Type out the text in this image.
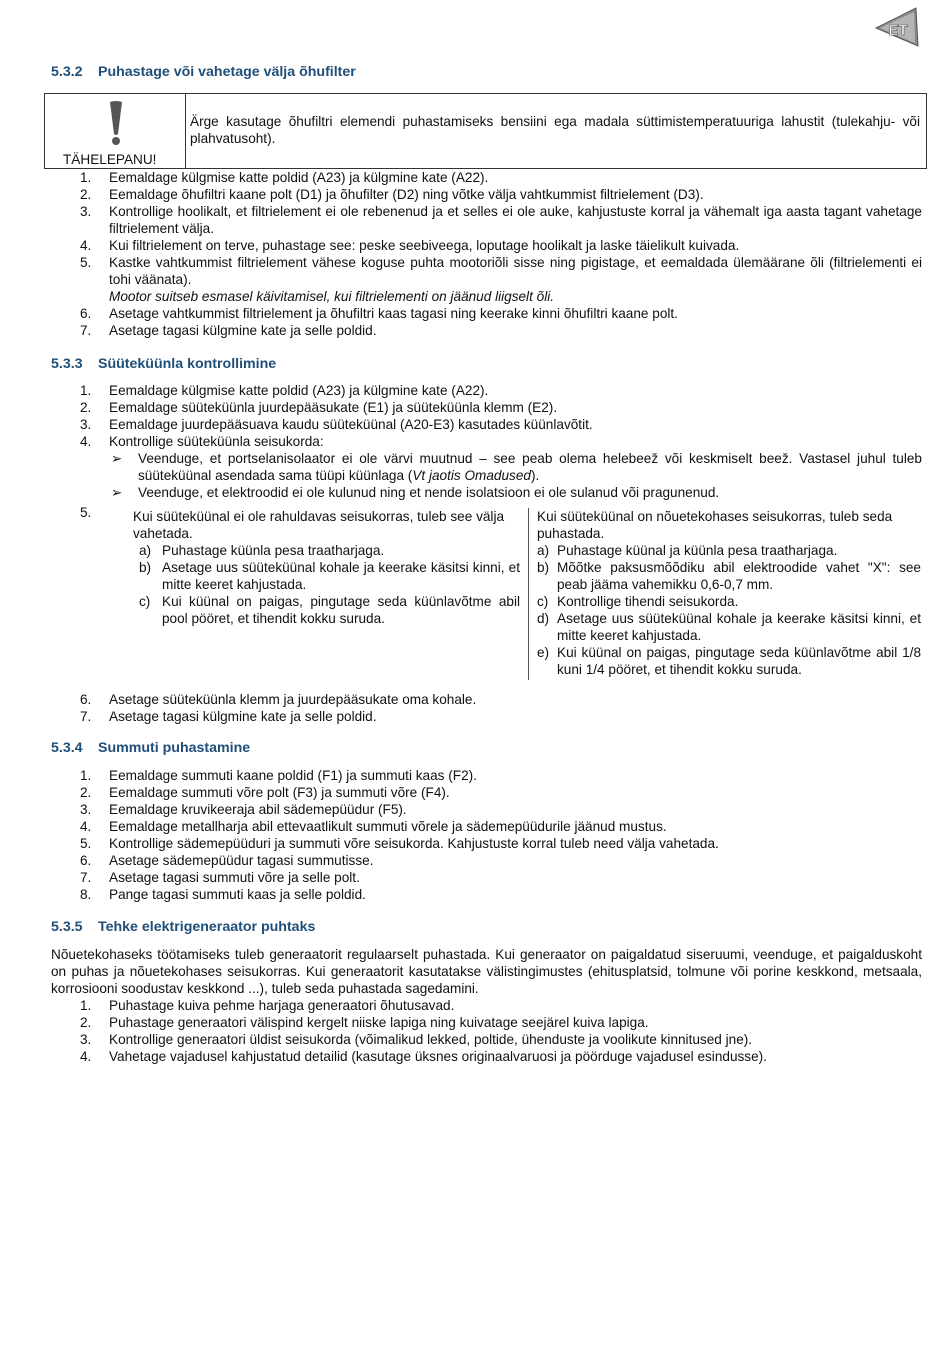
ET
5.3.2 Puhastage või vahetage välja õhufilter
TÄHELEPANU!
Ärge kasutage õhufiltri elemendi puhastamiseks bensiini ega madala süttimistemperatuuriga lahustit (tulekahju- või plahvatusoht).
1. Eemaldage külgmise katte poldid (A23) ja külgmine kate (A22).
2. Eemaldage õhufiltri kaane polt (D1) ja õhufilter (D2) ning võtke välja vahtkummist filtrielement (D3).
3. Kontrollige hoolikalt, et filtrielement ei ole rebenenud ja et selles ei ole auke, kahjustuste korral ja vähemalt iga aasta tagant vahetage filtrielement välja.
4. Kui filtrielement on terve, puhastage see: peske seebiveega, loputage hoolikalt ja laske täielikult kuivada.
5. Kastke vahtkummist filtrielement vähese koguse puhta mootoriõli sisse ning pigistage, et eemaldada ülemäärane õli (filtrielementi ei tohi väänata).
Mootor suitseb esmasel käivitamisel, kui filtrielementi on jäänud liigselt õli.
6. Asetage vahtkummist filtrielement ja õhufiltri kaas tagasi ning keerake kinni õhufiltri kaane polt.
7. Asetage tagasi külgmine kate ja selle poldid.
5.3.3 Süüteküünla kontrollimine
1. Eemaldage külgmise katte poldid (A23) ja külgmine kate (A22).
2. Eemaldage süüteküünla juurdepääsukate (E1) ja süüteküünla klemm (E2).
3. Eemaldage juurdepääsuava kaudu süüteküünal (A20-E3) kasutades küünlavõtit.
4. Kontrollige süüteküünla seisukorda:
➢ Veenduge, et portselanisolaator ei ole värvi muutnud – see peab olema helebeež või keskmiselt beež. Vastasel juhul tuleb süüteküünal asendada sama tüüpi küünlaga (Vt jaotis Omadused).
➢ Veenduge, et elektroodid ei ole kulunud ning et nende isolatsioon ei ole sulanud või pragunenud.
5.	Kui süüteküünal ei ole rahuldavas seisukorras, tuleb see välja vahetada.

a) Puhastage küünla pesa traatharjaga.
b) Asetage uus süüteküünal kohale ja keerake käsitsi kinni, et mitte keeret kahjustada.
c) Kui küünal on paigas, pingutage seda küünlavõtme abil pool pööret, et tihendit kokku suruda.

Kui süüteküünal on nõuetekohases seisukorras, tuleb seda puhastada.

a) Puhastage küünal ja küünla pesa traatharjaga.
b) Mõõtke paksusmõõdiku abil elektroodide vahet "X": see peab jääma vahemikku 0,6-0,7 mm.
c) Kontrollige tihendi seisukorda.
d) Asetage uus süüteküünal kohale ja keerake käsitsi kinni, et mitte keeret kahjustada.
e) Kui küünal on paigas, pingutage seda küünlavõtme abil 1/8 kuni 1/4 pööret, et tihendit kokku suruda.
6. Asetage süüteküünla klemm ja juurdepääsukate oma kohale.
7. Asetage tagasi külgmine kate ja selle poldid.
5.3.4 Summuti puhastamine
1. Eemaldage summuti kaane poldid (F1) ja summuti kaas (F2).
2. Eemaldage summuti võre polt (F3) ja summuti võre (F4).
3. Eemaldage kruvikeeraja abil sädemepüüdur (F5).
4. Eemaldage metallharja abil ettevaatlikult summuti võrele ja sädemepüüdurile jäänud mustus.
5. Kontrollige sädemepüüduri ja summuti võre seisukorda. Kahjustuste korral tuleb need välja vahetada.
6. Asetage sädemepüüdur tagasi summutisse.
7. Asetage tagasi summuti võre ja selle polt.
8. Pange tagasi summuti kaas ja selle poldid.
5.3.5 Tehke elektrigeneraator puhtaks
Nõuetekohaseks töötamiseks tuleb generaatorit regulaarselt puhastada. Kui generaator on paigaldatud siseruumi, veenduge, et paigalduskoht on puhas ja nõuetekohases seisukorras. Kui generaatorit kasutatakse välistingimustes (ehitusplatsid, tolmune või porine keskkond, metsaala, korrosiooni soodustav keskkond ...), tuleb seda puhastada sagedamini.
1. Puhastage kuiva pehme harjaga generaatori õhutusavad.
2. Puhastage generaatori välispind kergelt niiske lapiga ning kuivatage seejärel kuiva lapiga.
3. Kontrollige generaatori üldist seisukorda (võimalikud lekked, poltide, ühenduste ja voolikute kinnitused jne).
4. Vahetage vajadusel kahjustatud detailid (kasutage üksnes originaalvaruosi ja pöörduge vajadusel esindusse).
